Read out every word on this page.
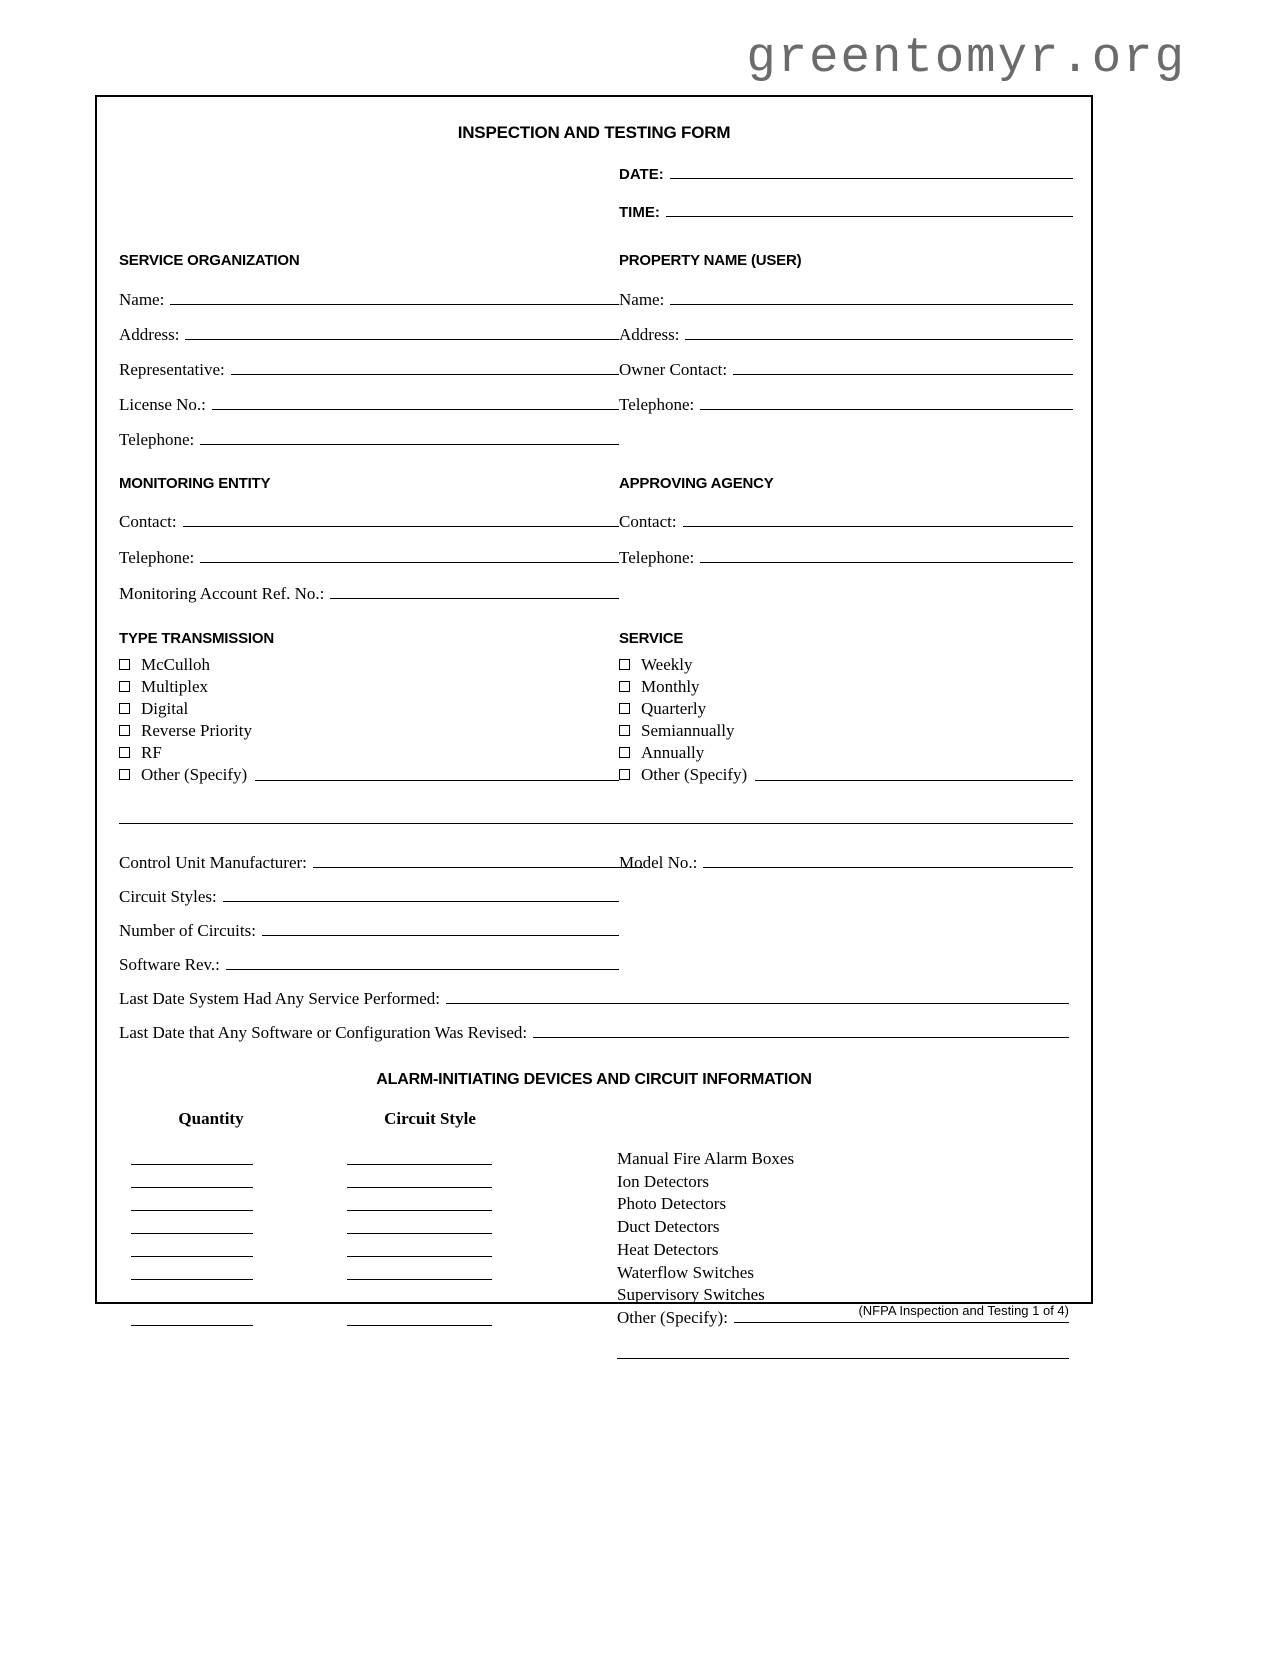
greentomyr.org
INSPECTION AND TESTING FORM
DATE:
TIME:
SERVICE ORGANIZATION
Name:
Address:
Representative:
License No.:
Telephone:
PROPERTY NAME (USER)
Name:
Address:
Owner Contact:
Telephone:
MONITORING ENTITY
Contact:
Telephone:
Monitoring Account Ref. No.:
APPROVING AGENCY
Contact:
Telephone:
TYPE TRANSMISSION
McCulloh
Multiplex
Digital
Reverse Priority
RF
Other (Specify)
SERVICE
Weekly
Monthly
Quarterly
Semiannually
Annually
Other (Specify)
Control Unit Manufacturer:
Circuit Styles:
Number of Circuits:
Software Rev.:
Model No.:
Last Date System Had Any Service Performed:
Last Date that Any Software or Configuration Was Revised:
ALARM-INITIATING DEVICES AND CIRCUIT INFORMATION
Quantity	Circuit Style
Manual Fire Alarm Boxes
Ion Detectors
Photo Detectors
Duct Detectors
Heat Detectors
Waterflow Switches
Supervisory Switches
Other (Specify):	(NFPA Inspection and Testing 1 of 4)
